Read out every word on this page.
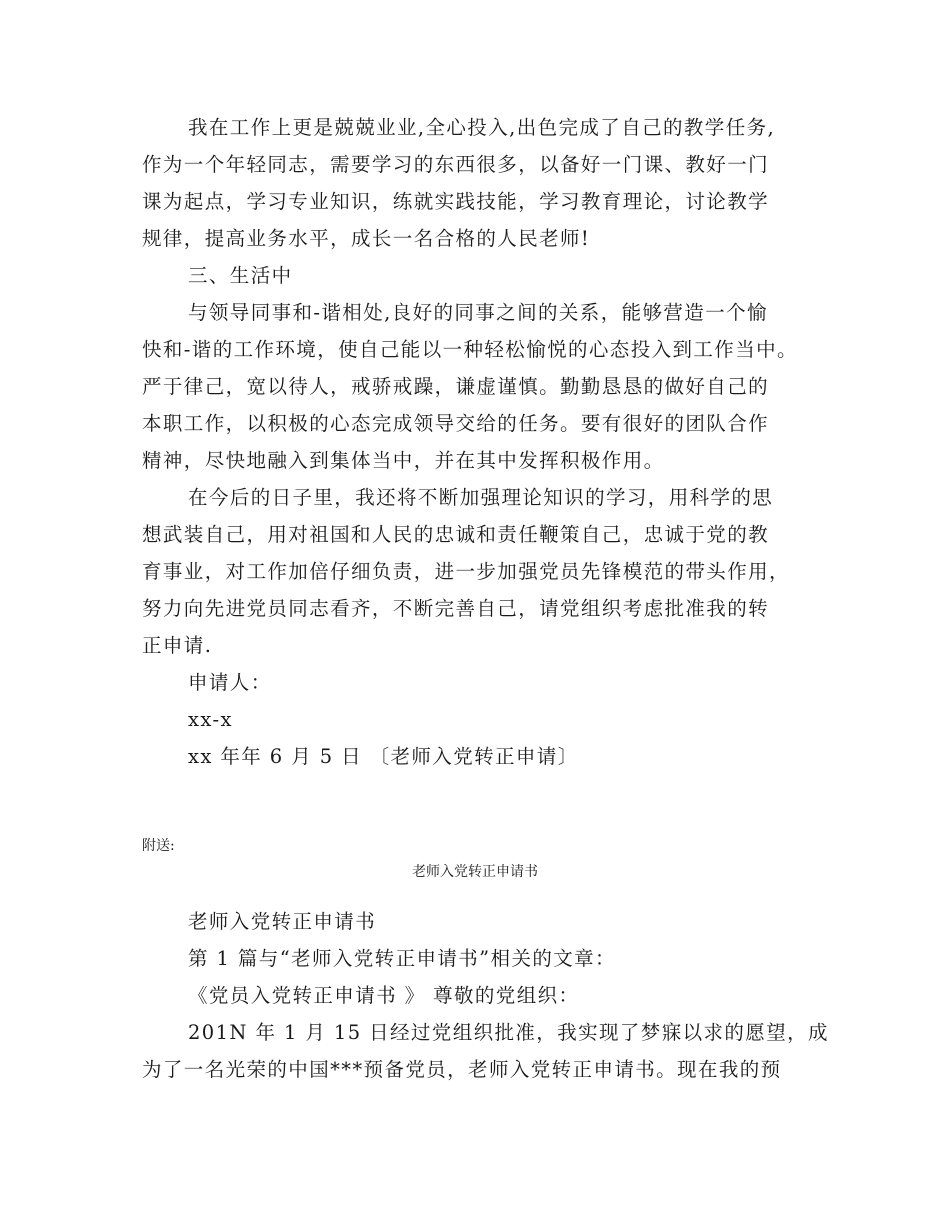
我在工作上更是兢兢业业,全心投入,出色完成了自己的教学任务,
作为一个年轻同志，需要学习的东西很多，以备好一门课、教好一门
课为起点，学习专业知识，练就实践技能，学习教育理论，讨论教学
规律，提高业务水平，成长一名合格的人民老师!
三、生活中
与领导同事和-谐相处,良好的同事之间的关系，能够营造一个愉
快和-谐的工作环境，使自己能以一种轻松愉悦的心态投入到工作当中。
严于律己，宽以待人，戒骄戒躁，谦虚谨慎。勤勤恳恳的做好自己的
本职工作，以积极的心态完成领导交给的任务。要有很好的团队合作
精神，尽快地融入到集体当中，并在其中发挥积极作用。
在今后的日子里，我还将不断加强理论知识的学习，用科学的思
想武装自己，用对祖国和人民的忠诚和责任鞭策自己，忠诚于党的教
育事业，对工作加倍仔细负责，进一步加强党员先锋模范的带头作用，
努力向先进党员同志看齐，不断完善自己，请党组织考虑批准我的转
正申请.
申请人：
xx-x
xx 年年 6 月 5 日 〔老师入党转正申请〕
附送:
老师入党转正申请书
老师入党转正申请书
第 1 篇与“老师入党转正申请书”相关的文章：
《党员入党转正申请书 》 尊敬的党组织：
201N 年 1 月 15 日经过党组织批准，我实现了梦寐以求的愿望，成
为了一名光荣的中国***预备党员，老师入党转正申请书。现在我的预
